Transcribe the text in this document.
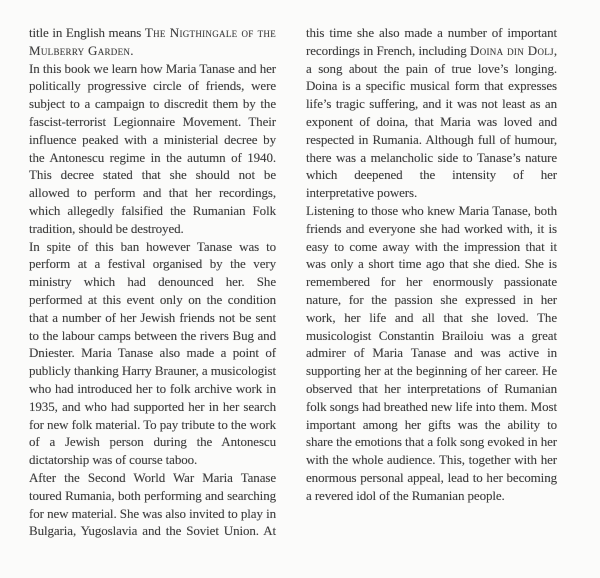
title in English means The Nigthingale of the Mulberry Garden.

In this book we learn how Maria Tanase and her politically progressive circle of friends, were subject to a campaign to discredit them by the fascist-terrorist Legionnaire Movement. Their influence peaked with a ministerial decree by the Antonescu regime in the autumn of 1940. This decree stated that she should not be allowed to perform and that her recordings, which allegedly falsified the Rumanian Folk tradition, should be destroyed.

In spite of this ban however Tanase was to perform at a festival organised by the very ministry which had denounced her. She performed at this event only on the condition that a number of her Jewish friends not be sent to the labour camps between the rivers Bug and Dniester. Maria Tanase also made a point of publicly thanking Harry Brauner, a musicologist who had introduced her to folk archive work in 1935, and who had supported her in her search for new folk material. To pay tribute to the work of a Jewish person during the Antonescu dictatorship was of course taboo.

After the Second World War Maria Tanase toured Rumania, both performing and searching for new material. She was also invited to play in Bulgaria, Yugoslavia and the Soviet Union. At

this time she also made a number of important recordings in French, including Doina din Dolj, a song about the pain of true love’s longing. Doina is a specific musical form that expresses life’s tragic suffering, and it was not least as an exponent of doina, that Maria was loved and respected in Rumania. Although full of humour, there was a melancholic side to Tanase’s nature which deepened the intensity of her interpretative powers.

Listening to those who knew Maria Tanase, both friends and everyone she had worked with, it is easy to come away with the impression that it was only a short time ago that she died. She is remembered for her enormously passionate nature, for the passion she expressed in her work, her life and all that she loved. The musicologist Constantin Brailoiu was a great admirer of Maria Tanase and was active in supporting her at the beginning of her career. He observed that her interpretations of Rumanian folk songs had breathed new life into them. Most important among her gifts was the ability to share the emotions that a folk song evoked in her with the whole audience. This, together with her enormous personal appeal, lead to her becoming a revered idol of the Rumanian people.
